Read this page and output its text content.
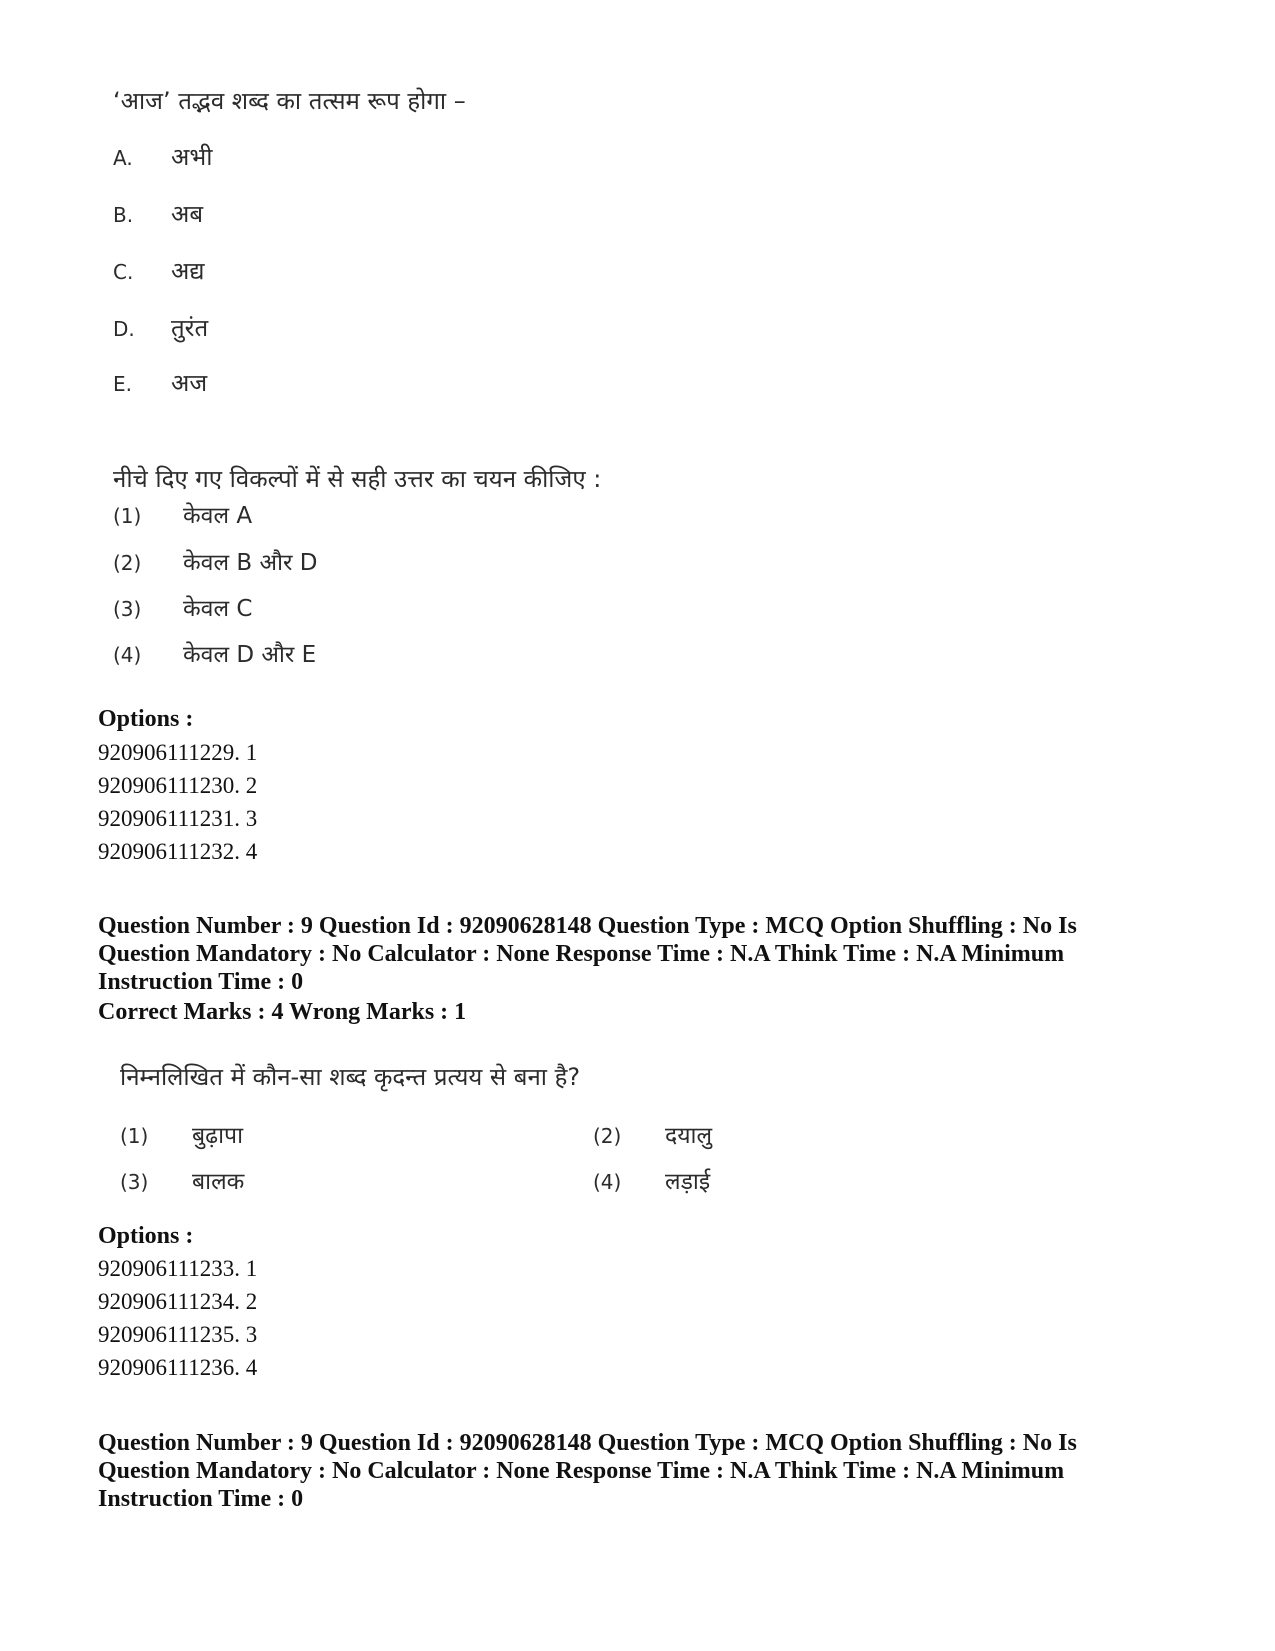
‘आज’ तद्भव शब्द का तत्सम रूप होगा –
A. अभी
B. अब
C. अद्य
D. तुरंत
E. अज
नीचे दिए गए विकल्पों में से सही उत्तर का चयन कीजिए :
(1) केवल A
(2) केवल B और D
(3) केवल C
(4) केवल D और E
Options :
920906111229. 1
920906111230. 2
920906111231. 3
920906111232. 4
Question Number : 9 Question Id : 92090628148 Question Type : MCQ Option Shuffling : No Is
Question Mandatory : No Calculator : None Response Time : N.A Think Time : N.A Minimum
Instruction Time : 0
Correct Marks : 4 Wrong Marks : 1
निम्नलिखित में कौन-सा शब्द कृदन्त प्रत्यय से बना है?
(1) बुढ़ापा	(2) दयालु
(3) बालक	(4) लड़ाई
Options :
920906111233. 1
920906111234. 2
920906111235. 3
920906111236. 4
Question Number : 9 Question Id : 92090628148 Question Type : MCQ Option Shuffling : No Is
Question Mandatory : No Calculator : None Response Time : N.A Think Time : N.A Minimum
Instruction Time : 0
